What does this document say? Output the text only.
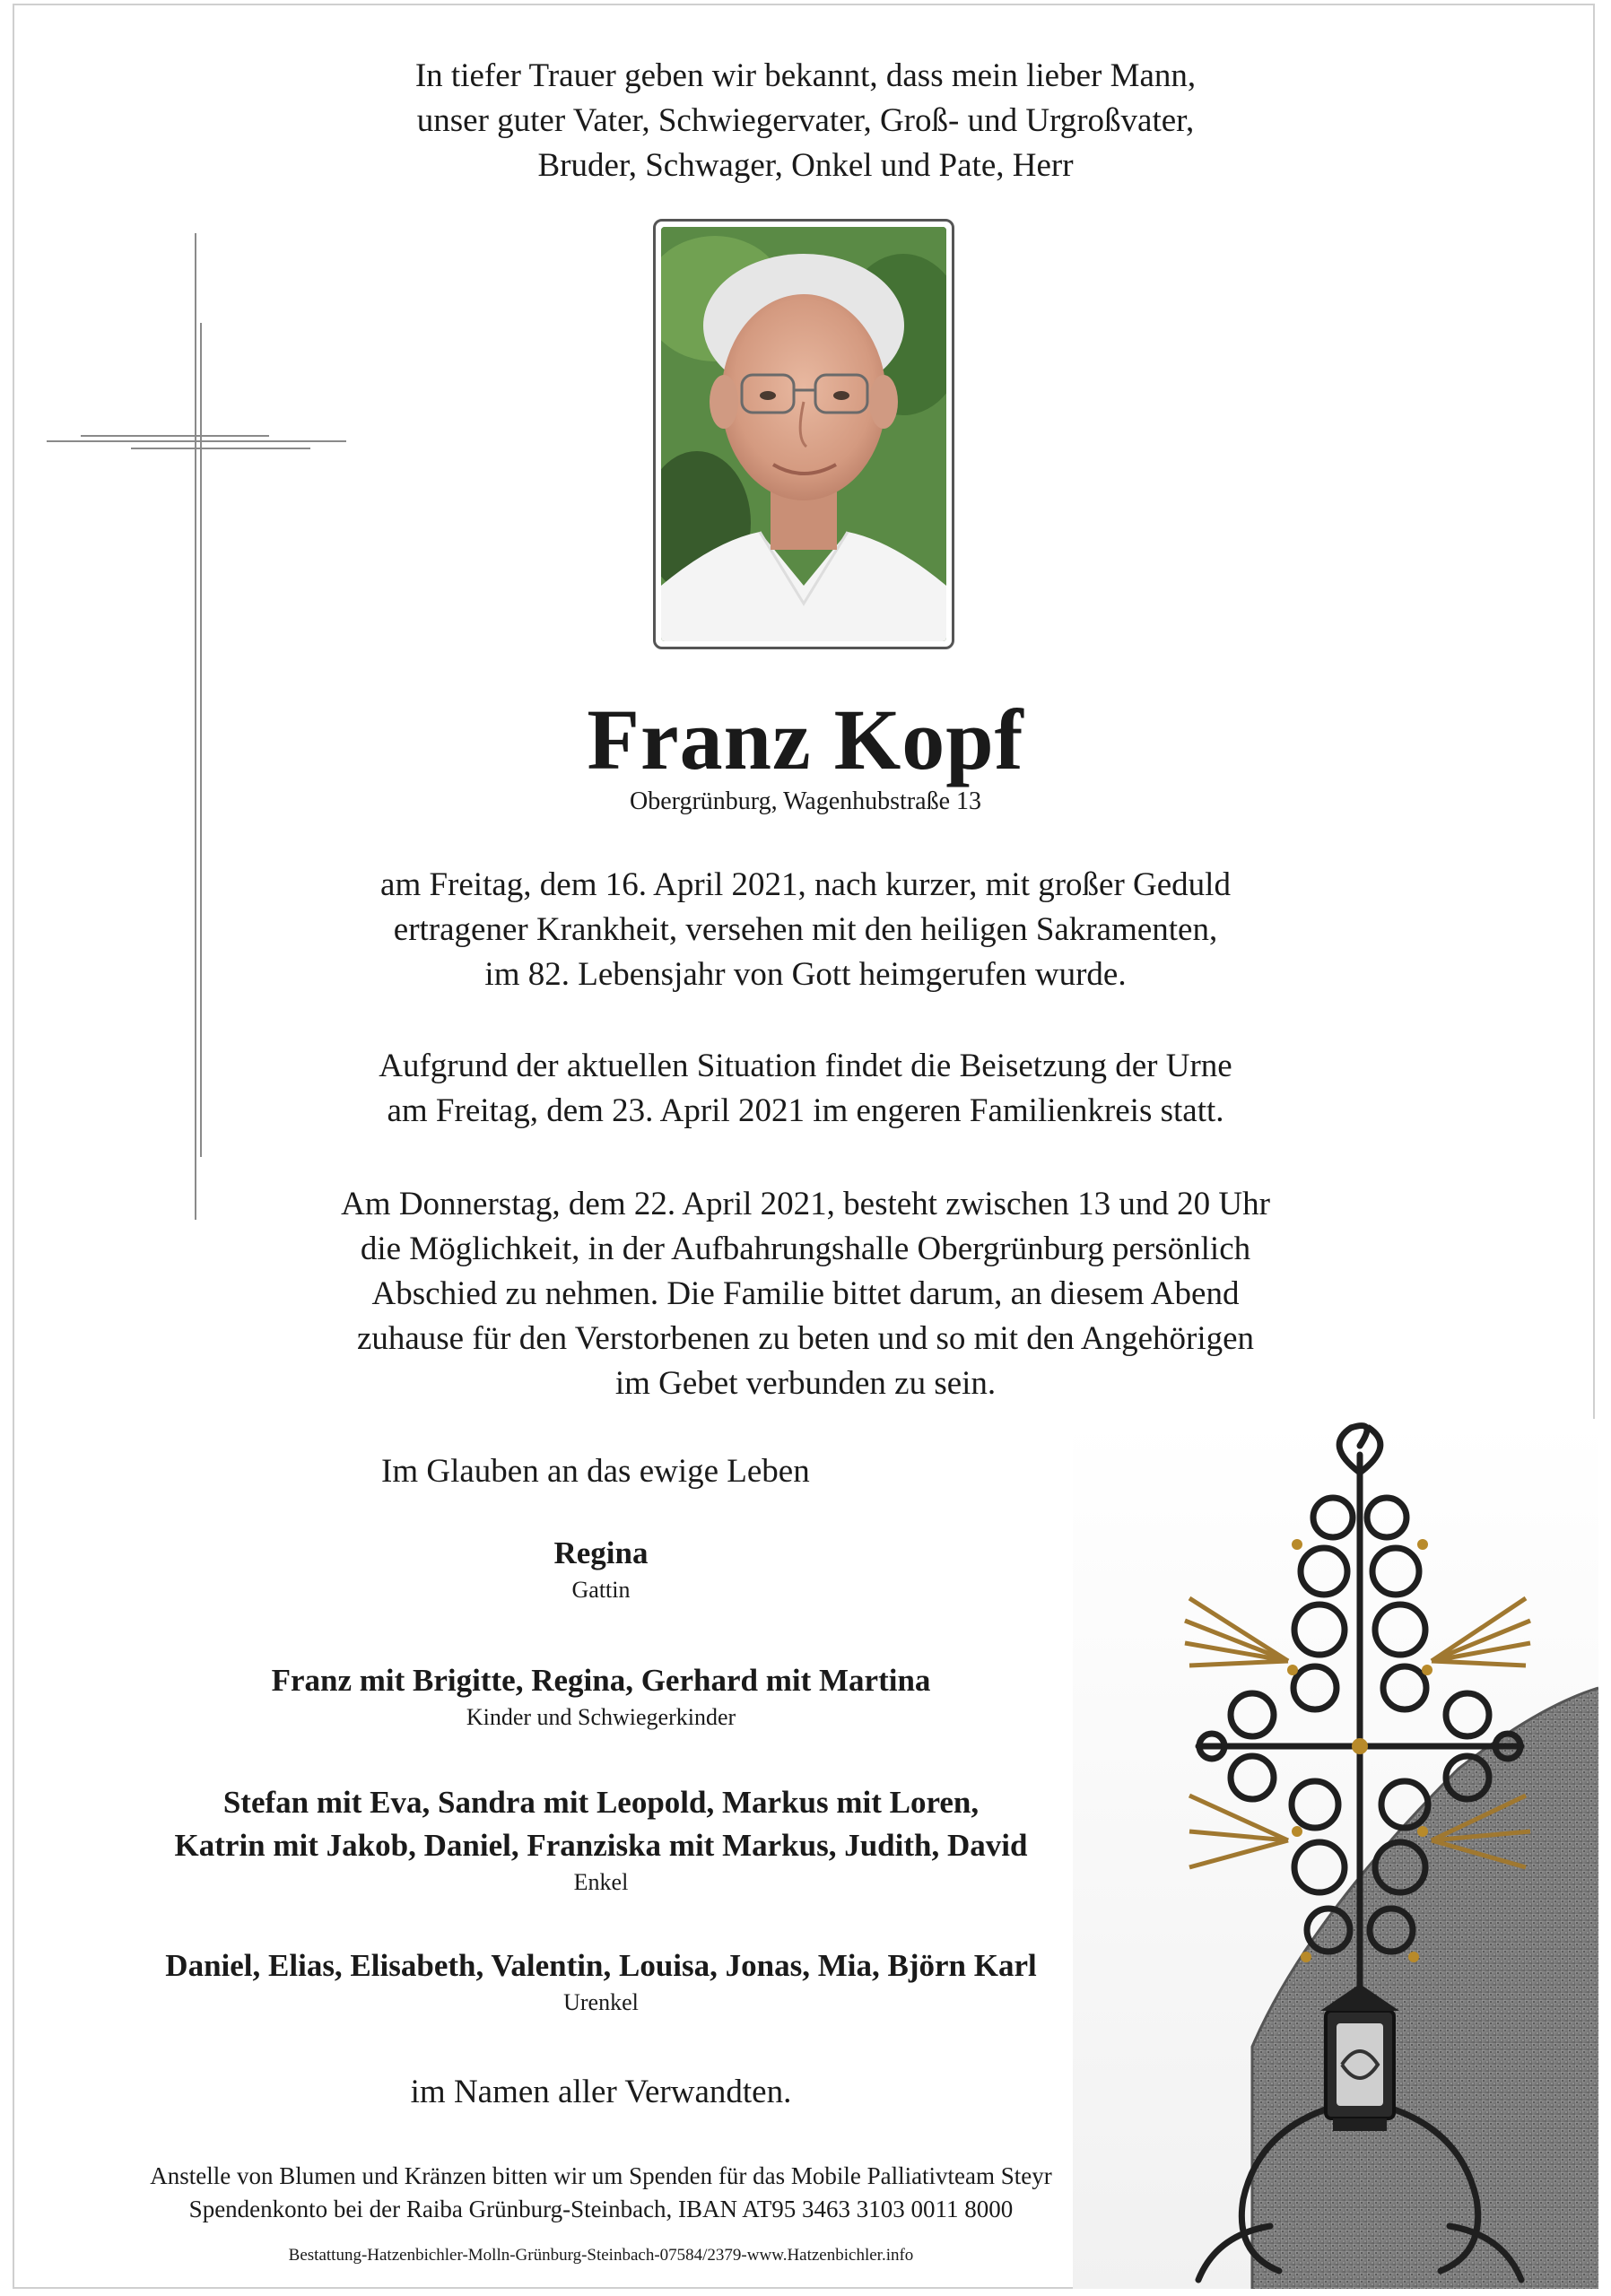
In tiefer Trauer geben wir bekannt, dass mein lieber Mann,
unser guter Vater, Schwiegervater, Groß- und Urgroßvater,
Bruder, Schwager, Onkel und Pate, Herr
Franz Kopf
Obergrünburg, Wagenhubstraße 13
am Freitag, dem 16. April 2021, nach kurzer, mit großer Geduld
ertragener Krankheit, versehen mit den heiligen Sakramenten,
im 82. Lebensjahr von Gott heimgerufen wurde.
Aufgrund der aktuellen Situation findet die Beisetzung der Urne
am Freitag, dem 23. April 2021 im engeren Familienkreis statt.
Am Donnerstag, dem 22. April 2021, besteht zwischen 13 und 20 Uhr
die Möglichkeit, in der Aufbahrungshalle Obergrünburg persönlich
Abschied zu nehmen. Die Familie bittet darum, an diesem Abend
zuhause für den Verstorbenen zu beten und so mit den Angehörigen
im Gebet verbunden zu sein.
Im Glauben an das ewige Leben
Regina
Gattin
Franz mit Brigitte, Regina, Gerhard mit Martina
Kinder und Schwiegerkinder
Stefan mit Eva, Sandra mit Leopold, Markus mit Loren,
Katrin mit Jakob, Daniel, Franziska mit Markus, Judith, David
Enkel
Daniel, Elias, Elisabeth, Valentin, Louisa, Jonas, Mia, Björn Karl
Urenkel
im Namen aller Verwandten.
Anstelle von Blumen und Kränzen bitten wir um Spenden für das Mobile Palliativteam Steyr
Spendenkonto bei der Raiba Grünburg-Steinbach, IBAN AT95 3463 3103 0011 8000
Bestattung-Hatzenbichler-Molln-Grünburg-Steinbach-07584/2379-www.Hatzenbichler.info
